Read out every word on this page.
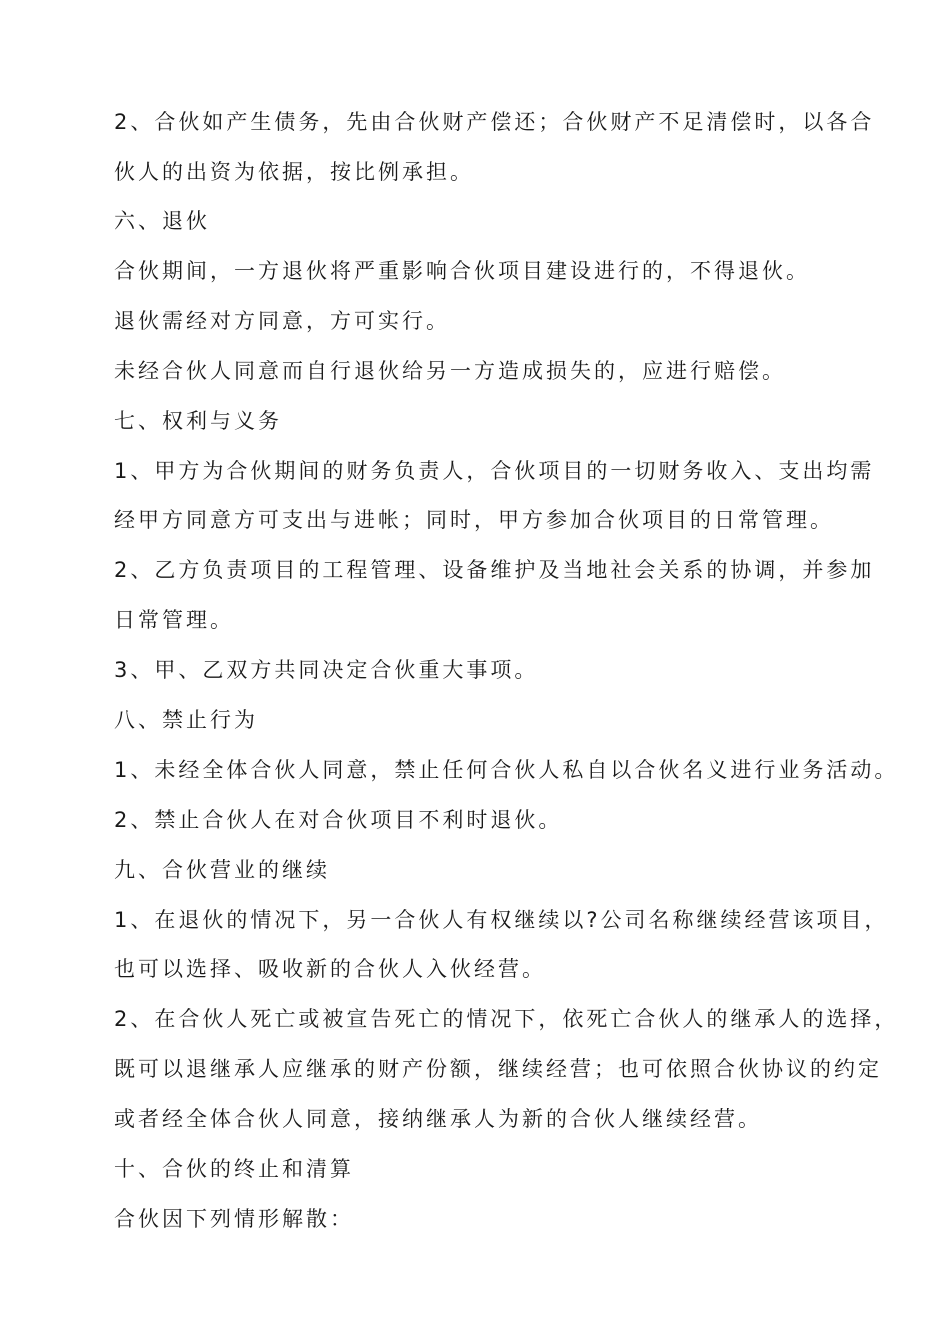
2、合伙如产生债务，先由合伙财产偿还；合伙财产不足清偿时，以各合
伙人的出资为依据，按比例承担。
六、退伙
合伙期间，一方退伙将严重影响合伙项目建设进行的，不得退伙。
退伙需经对方同意，方可实行。
未经合伙人同意而自行退伙给另一方造成损失的，应进行赔偿。
七、权利与义务
1、甲方为合伙期间的财务负责人，合伙项目的一切财务收入、支出均需
经甲方同意方可支出与进帐；同时，甲方参加合伙项目的日常管理。
2、乙方负责项目的工程管理、设备维护及当地社会关系的协调，并参加
日常管理。
3、甲、乙双方共同决定合伙重大事项。
八、禁止行为
1、未经全体合伙人同意，禁止任何合伙人私自以合伙名义进行业务活动。
2、禁止合伙人在对合伙项目不利时退伙。
九、合伙营业的继续
1、在退伙的情况下，另一合伙人有权继续以?公司名称继续经营该项目，
也可以选择、吸收新的合伙人入伙经营。
2、在合伙人死亡或被宣告死亡的情况下，依死亡合伙人的继承人的选择，
既可以退继承人应继承的财产份额，继续经营；也可依照合伙协议的约定
或者经全体合伙人同意，接纳继承人为新的合伙人继续经营。
十、合伙的终止和清算
合伙因下列情形解散：
